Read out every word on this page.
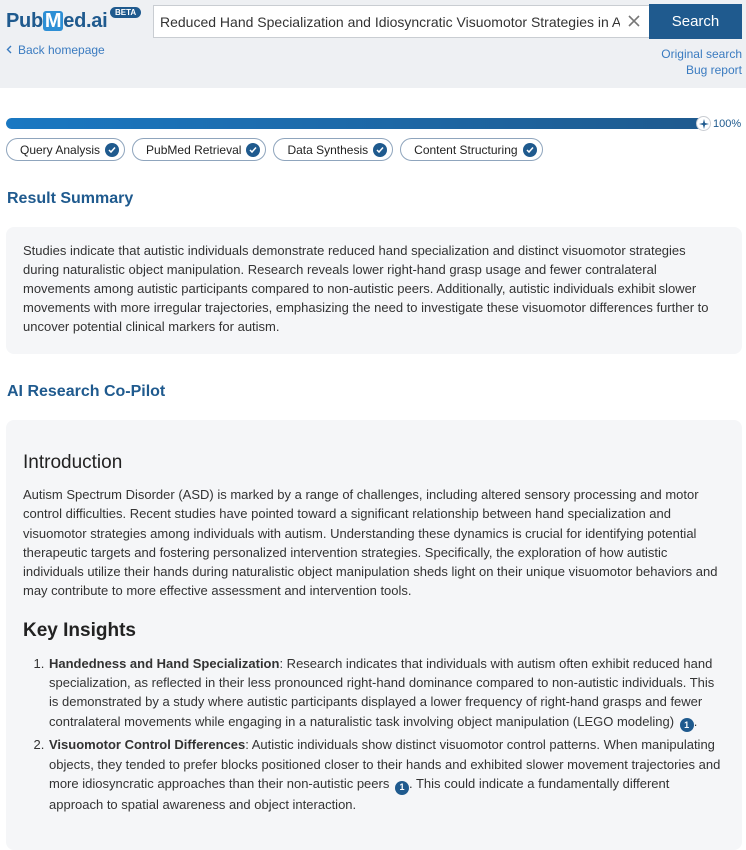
Pub M ed.ai BETA
Back homepage
Reduced Hand Specialization and Idiosyncratic Visuomotor Strategies in Aut
Search
Original search
Bug report
100%
Query Analysis	PubMed Retrieval	Data Synthesis	Content Structuring
Result Summary

Studies indicate that autistic individuals demonstrate reduced hand specialization and distinct visuomotor strategies during naturalistic object manipulation. Research reveals lower right-hand grasp usage and fewer contralateral movements among autistic participants compared to non-autistic peers. Additionally, autistic individuals exhibit slower movements with more irregular trajectories, emphasizing the need to investigate these visuomotor differences further to uncover potential clinical markers for autism.

AI Research Co-Pilot
Introduction

Autism Spectrum Disorder (ASD) is marked by a range of challenges, including altered sensory processing and motor control difficulties. Recent studies have pointed toward a significant relationship between hand specialization and visuomotor strategies among individuals with autism. Understanding these dynamics is crucial for identifying potential therapeutic targets and fostering personalized intervention strategies. Specifically, the exploration of how autistic individuals utilize their hands during naturalistic object manipulation sheds light on their unique visuomotor behaviors and may contribute to more effective assessment and intervention tools.

Key Insights
1. Handedness and Hand Specialization: Research indicates that individuals with autism often exhibit reduced hand specialization, as reflected in their less pronounced right-hand dominance compared to non-autistic individuals. This is demonstrated by a study where autistic participants displayed a lower frequency of right-hand grasps and fewer contralateral movements while engaging in a naturalistic task involving object manipulation (LEGO modeling) 1 .
2. Visuomotor Control Differences: Autistic individuals show distinct visuomotor control patterns. When manipulating objects, they tended to prefer blocks positioned closer to their hands and exhibited slower movement trajectories and more idiosyncratic approaches than their non-autistic peers 1 . This could indicate a fundamentally different approach to spatial awareness and object interaction.
